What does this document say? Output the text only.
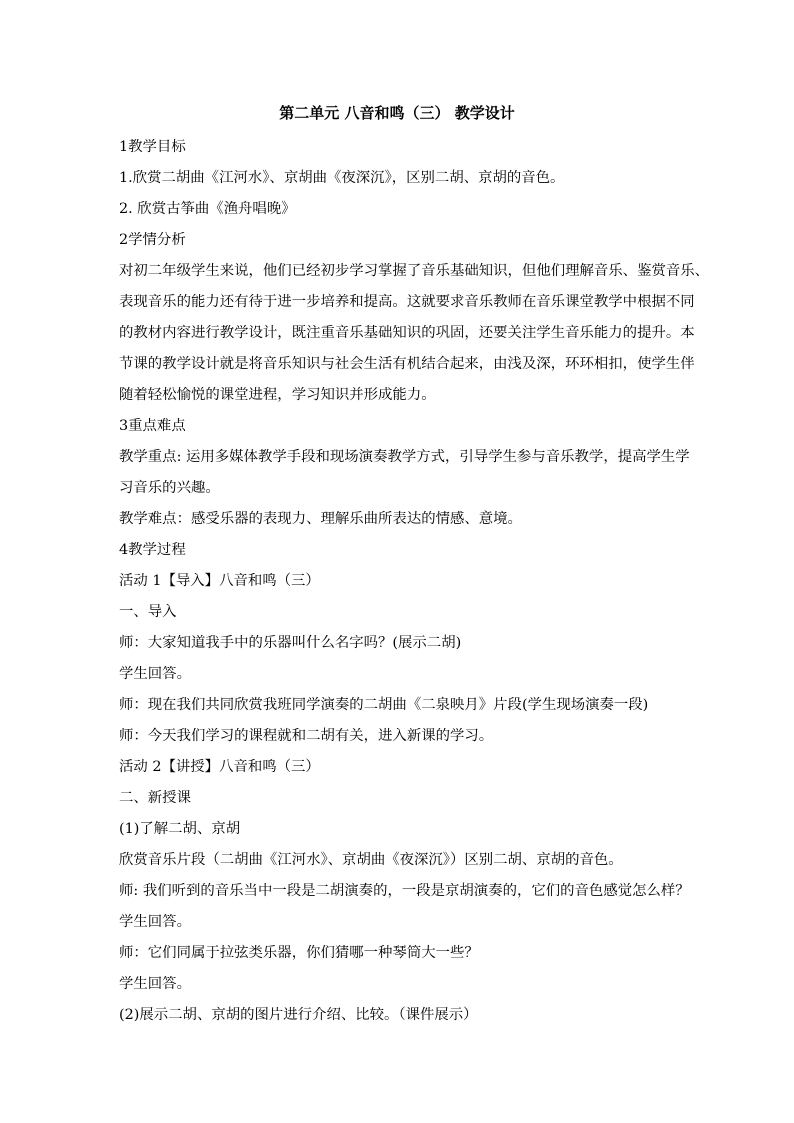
第二单元 八音和鸣（三） 教学设计

1教学目标

1.欣赏二胡曲《江河水》、京胡曲《夜深沉》，区别二胡、京胡的音色。

2. 欣赏古筝曲《渔舟唱晚》

2学情分析

对初二年级学生来说，他们已经初步学习掌握了音乐基础知识，但他们理解音乐、鉴赏音乐、
表现音乐的能力还有待于进一步培养和提高。这就要求音乐教师在音乐课堂教学中根据不同
的教材内容进行教学设计，既注重音乐基础知识的巩固，还要关注学生音乐能力的提升。本
节课的教学设计就是将音乐知识与社会生活有机结合起来，由浅及深，环环相扣，使学生伴
随着轻松愉悦的课堂进程，学习知识并形成能力。

3重点难点

教学重点: 运用多媒体教学手段和现场演奏教学方式，引导学生参与音乐教学，提高学生学
习音乐的兴趣。

教学难点：感受乐器的表现力、理解乐曲所表达的情感、意境。

4教学过程

活动 1【导入】八音和鸣（三）

一、导入

师：大家知道我手中的乐器叫什么名字吗？(展示二胡)

学生回答。

师：现在我们共同欣赏我班同学演奏的二胡曲《二泉映月》片段(学生现场演奏一段)

师：今天我们学习的课程就和二胡有关，进入新课的学习。

活动 2【讲授】八音和鸣（三）

二、新授课

(1)了解二胡、京胡

欣赏音乐片段（二胡曲《江河水》、京胡曲《夜深沉》）区别二胡、京胡的音色。

师: 我们听到的音乐当中一段是二胡演奏的，一段是京胡演奏的，它们的音色感觉怎么样？

学生回答。

师：它们同属于拉弦类乐器，你们猜哪一种琴筒大一些？

学生回答。

(2)展示二胡、京胡的图片进行介绍、比较。（课件展示）
